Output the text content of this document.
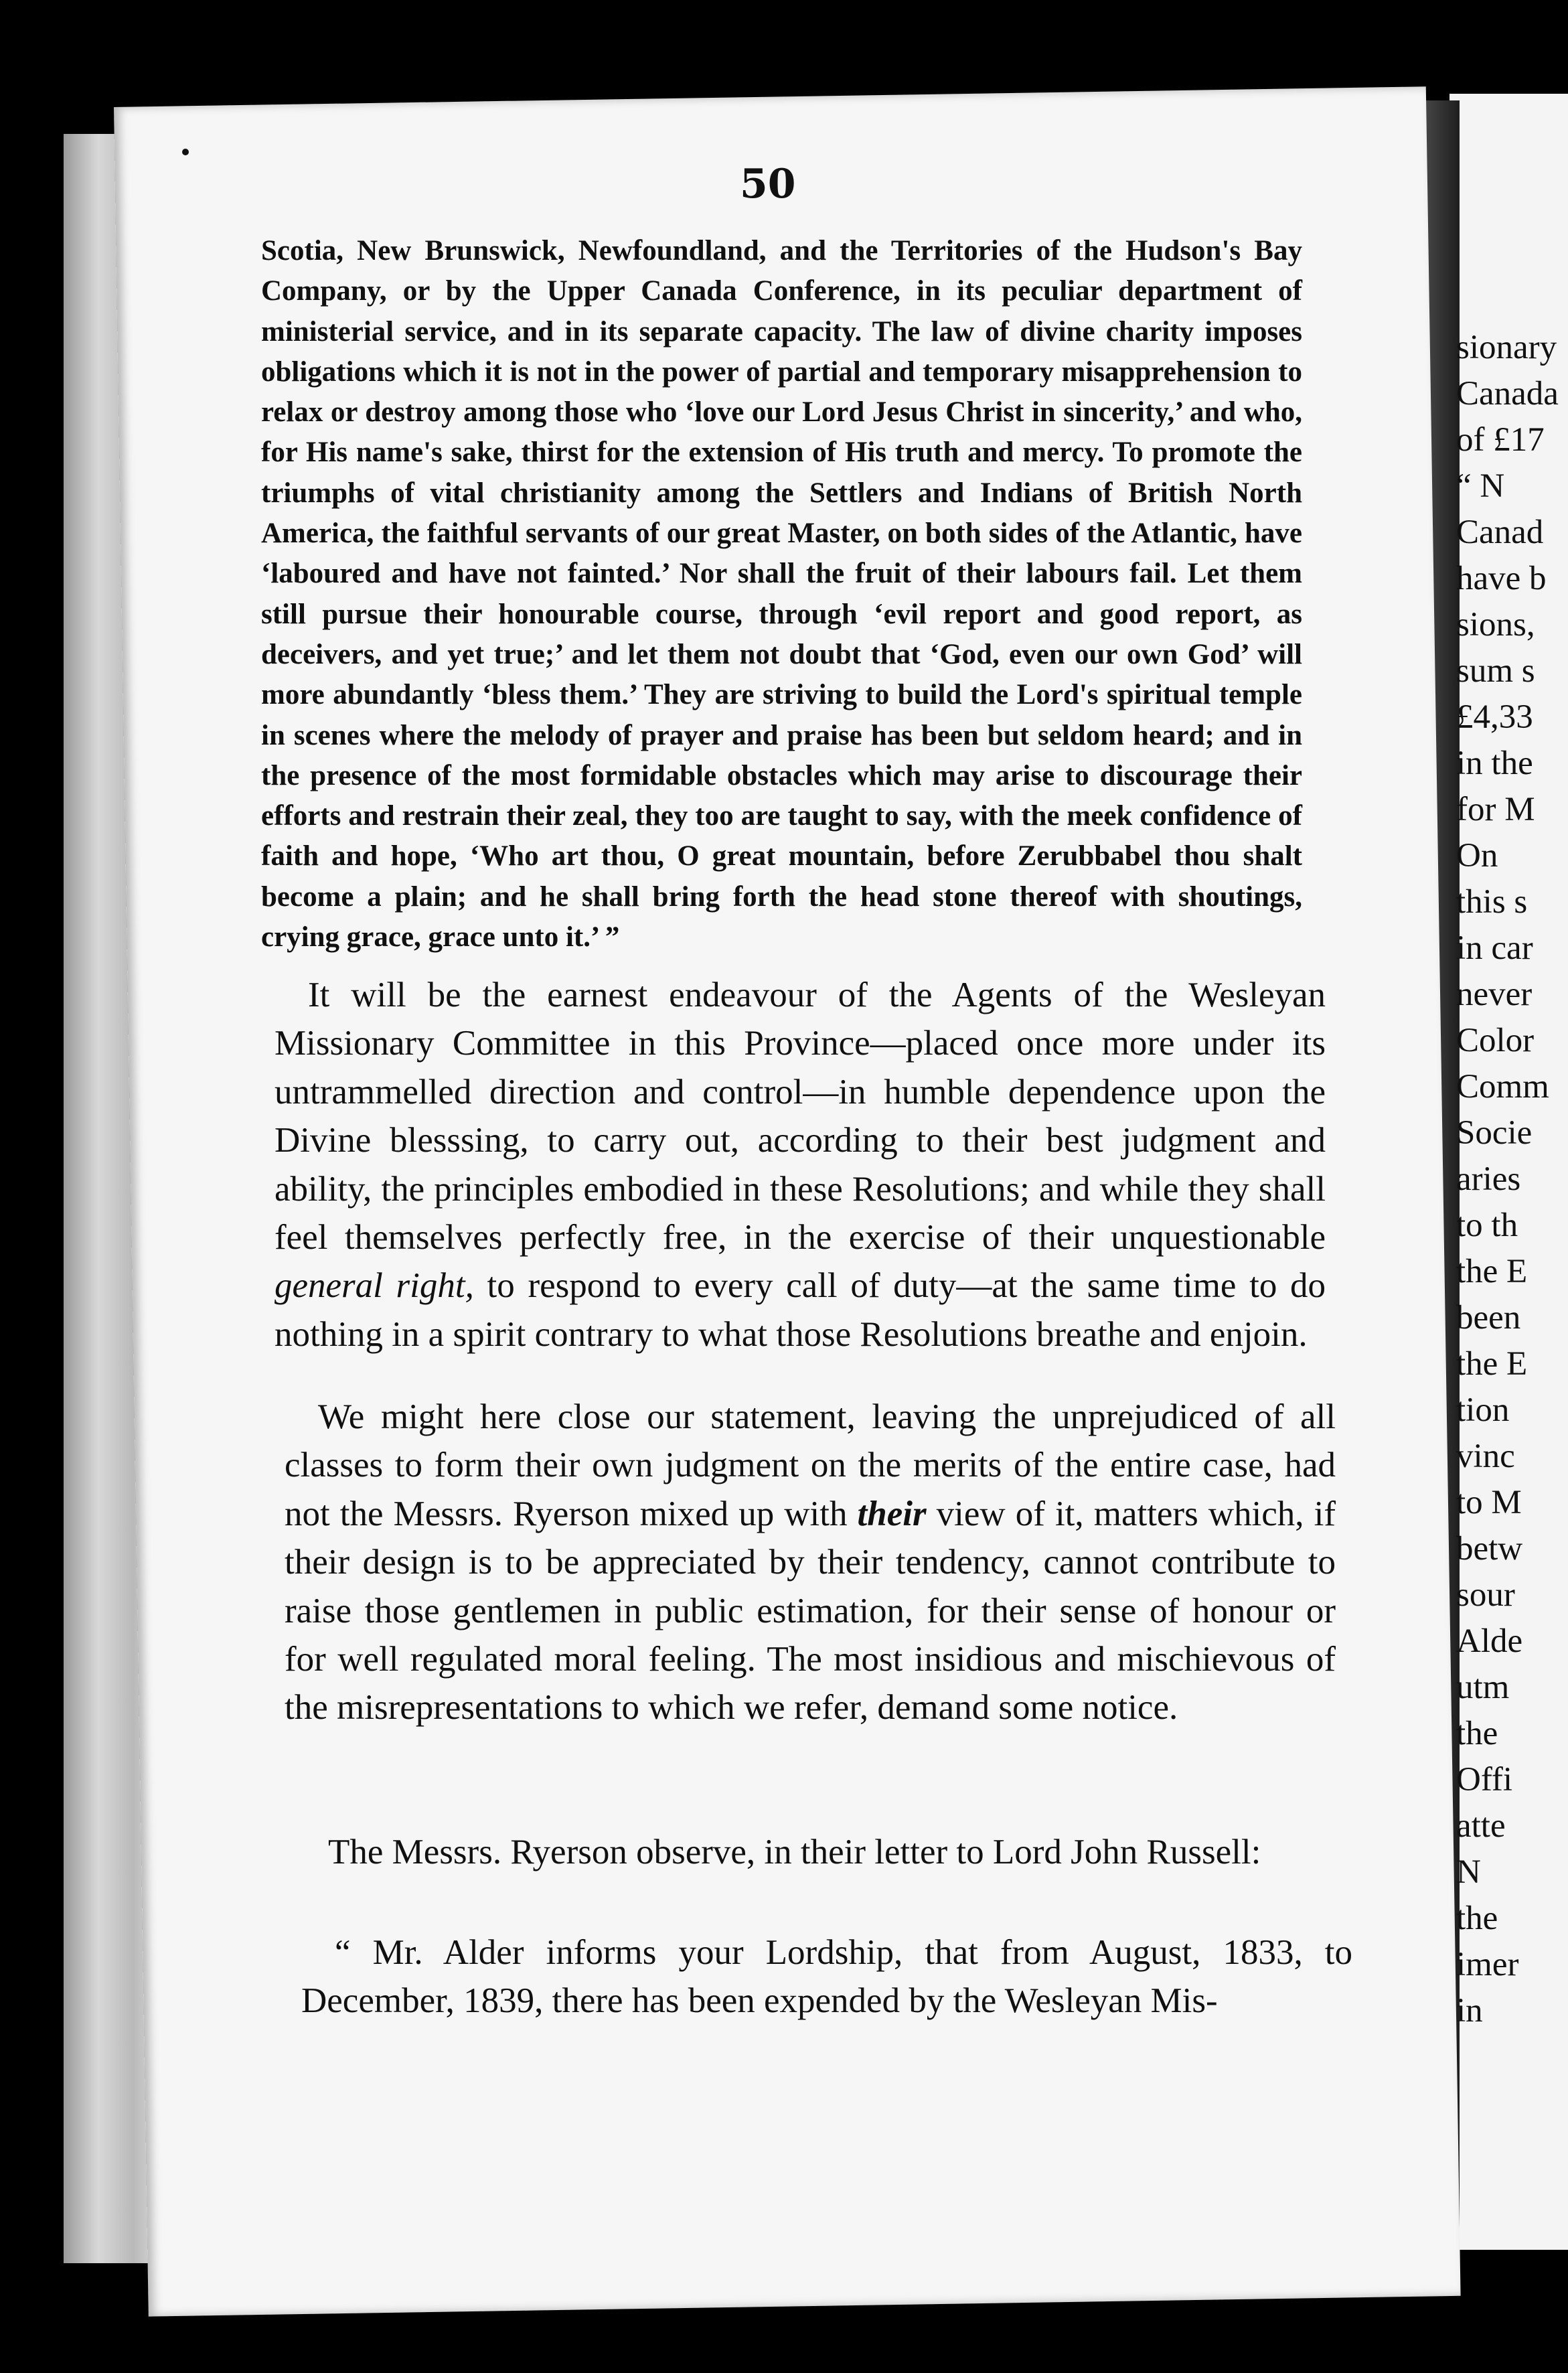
50

Scotia, New Brunswick, Newfoundland, and the Territories of the Hudson's Bay Company, or by the Upper Canada Conference, in its peculiar department of ministerial service, and in its separate capacity. The law of divine charity imposes obligations which it is not in the power of partial and temporary misapprehension to relax or destroy among those who ‘love our Lord Jesus Christ in sincerity,’ and who, for His name's sake, thirst for the extension of His truth and mercy. To promote the triumphs of vital christianity among the Settlers and Indians of British North America, the faithful servants of our great Master, on both sides of the Atlantic, have ‘laboured and have not fainted.’ Nor shall the fruit of their labours fail. Let them still pursue their honourable course, through ‘evil report and good report, as deceivers, and yet true;’ and let them not doubt that ‘God, even our own God’ will more abundantly ‘bless them.’ They are striving to build the Lord's spiritual temple in scenes where the melody of prayer and praise has been but seldom heard; and in the presence of the most formidable obstacles which may arise to discourage their efforts and restrain their zeal, they too are taught to say, with the meek confidence of faith and hope, ‘Who art thou, O great mountain, before Zerubbabel thou shalt become a plain; and he shall bring forth the head stone thereof with shoutings, crying grace, grace unto it.’ ”

It will be the earnest endeavour of the Agents of the Wesleyan Missionary Committee in this Province—placed once more under its untrammelled direction and control—in humble dependence upon the Divine blesssing, to carry out, according to their best judgment and ability, the principles embodied in these Resolutions; and while they shall feel themselves perfectly free, in the exercise of their unquestionable general right, to respond to every call of duty—at the same time to do nothing in a spirit contrary to what those Resolutions breathe and enjoin.

We might here close our statement, leaving the unprejudiced of all classes to form their own judgment on the merits of the entire case, had not the Messrs. Ryerson mixed up with their view of it, matters which, if their design is to be appreciated by their tendency, cannot contribute to raise those gentlemen in public estimation, for their sense of honour or for well regulated moral feeling. The most insidious and mischievous of the misrepresentations to which we refer, demand some notice.

The Messrs. Ryerson observe, in their letter to Lord John Russell:

“ Mr. Alder informs your Lordship, that from August, 1833, to December, 1839, there has been expended by the Wesleyan Mis-

sionary
Canada
of £17
“ N
Canad
have b
sions,
sum s
£4,33
in the
for M
On
this s
in car
never
Color
Comm
Socie
aries
to th
the E
been
the E
tion
vinc
to M
betw
sour
Alde
utm
the
Offi
atte
N
the
imer
in
